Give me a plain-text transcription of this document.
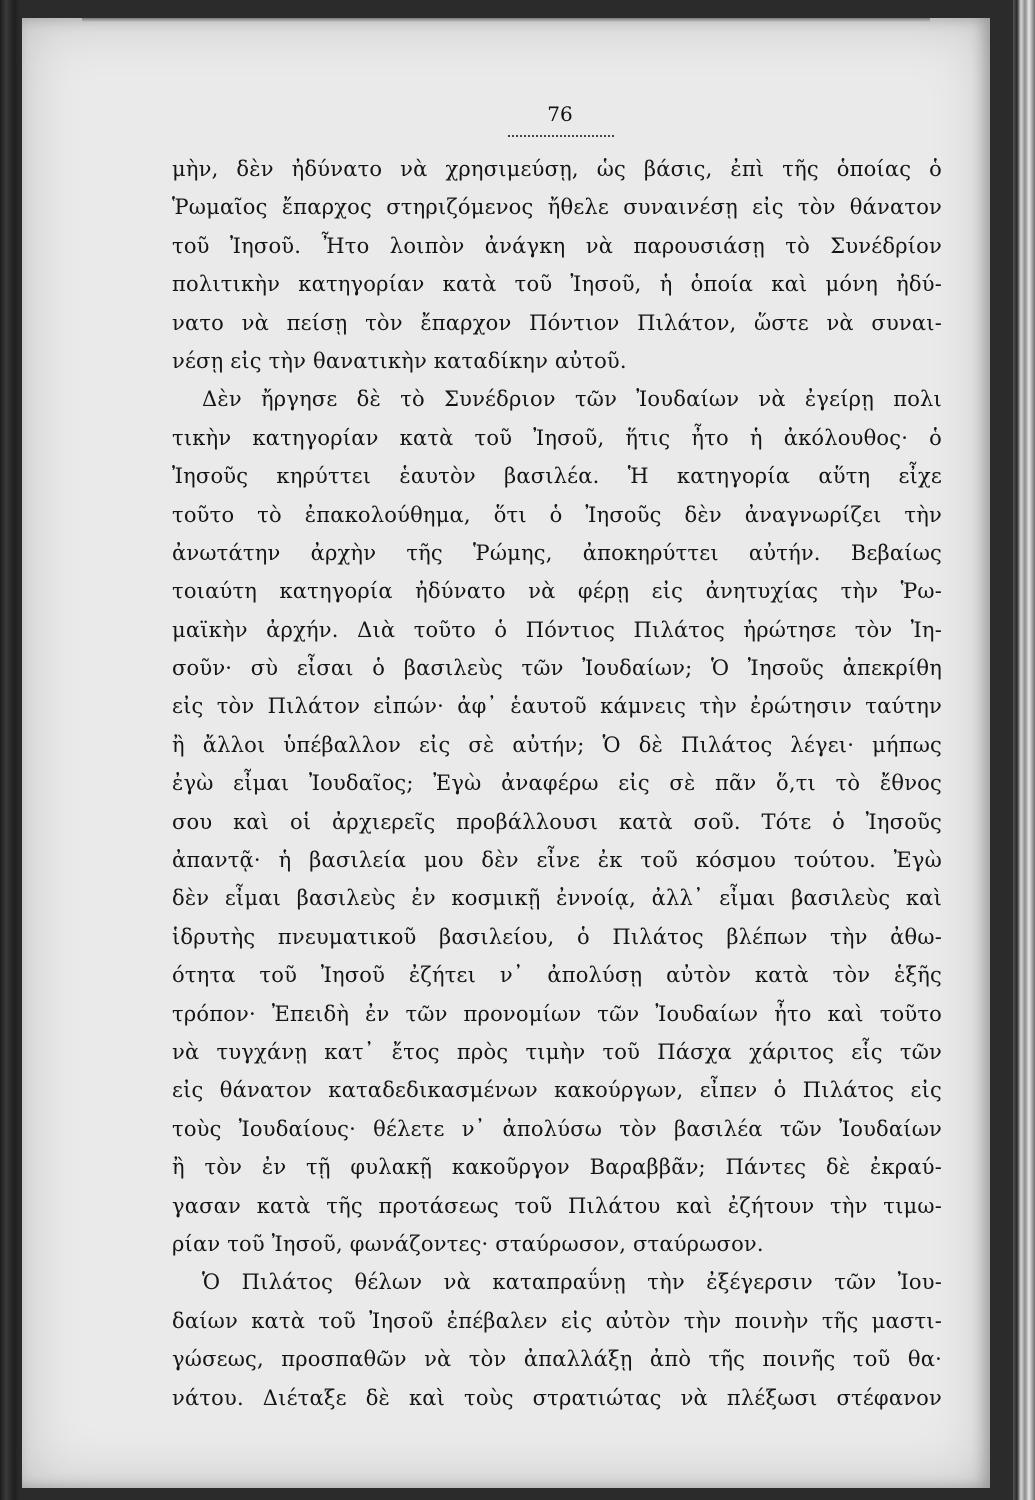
76
μὴν, δὲν ἠδύνατο νὰ χρησιμεύσῃ, ὡς βάσις, ἐπὶ τῆς ὁποίας ὁ
Ῥωμαῖος ἔπαρχος στηριζόμενος ἤθελε συναινέσῃ εἰς τὸν θάνατον
τοῦ Ἰησοῦ. Ἦτο λοιπὸν ἀνάγκη νὰ παρουσιάσῃ τὸ Συνέδρίον
πολιτικὴν κατηγορίαν κατὰ τοῦ Ἰησοῦ, ἡ ὁποία καὶ μόνη ἠδύ-
νατο νὰ πείσῃ τὸν ἔπαρχον Πόντιον Πιλάτον, ὥστε νὰ συναι-
νέσῃ εἰς τὴν θανατικὴν καταδίκην αὐτοῦ.
Δὲν ἤργησε δὲ τὸ Συνέδριον τῶν Ἰουδαίων νὰ ἐγείρῃ πολι
τικὴν κατηγορίαν κατὰ τοῦ Ἰησοῦ, ἥτις ἦτο ἡ ἀκόλουθος· ὁ
Ἰησοῦς κηρύττει ἑαυτὸν βασιλέα. Ἡ κατηγορία αὕτη εἶχε
τοῦτο τὸ ἐπακολούθημα, ὅτι ὁ Ἰησοῦς δὲν ἀναγνωρίζει τὴν
ἀνωτάτην ἀρχὴν τῆς Ῥώμης, ἀποκηρύττει αὐτήν. Βεβαίως
τοιαύτη κατηγορία ἠδύνατο νὰ φέρῃ εἰς ἀνητυχίας τὴν Ῥω-
μαϊκὴν ἀρχήν. Διὰ τοῦτο ὁ Πόντιος Πιλάτος ἠρώτησε τὸν Ἰη-
σοῦν· σὺ εἶσαι ὁ βασιλεὺς τῶν Ἰουδαίων; Ὁ Ἰησοῦς ἀπεκρίθη
εἰς τὸν Πιλάτον εἰπών· ἀφ᾽ ἑαυτοῦ κάμνεις τὴν ἐρώτησιν ταύτην
ἢ ἄλλοι ὑπέβαλλον εἰς σὲ αὐτήν; Ὁ δὲ Πιλάτος λέγει· μήπως
ἐγὼ εἶμαι Ἰουδαῖος; Ἐγὼ ἀναφέρω εἰς σὲ πᾶν ὅ,τι τὸ ἔθνος
σου καὶ οἱ ἀρχιερεῖς προβάλλουσι κατὰ σοῦ. Τότε ὁ Ἰησοῦς
ἀπαντᾷ· ἡ βασιλεία μου δὲν εἶνε ἐκ τοῦ κόσμου τούτου. Ἐγὼ
δὲν εἶμαι βασιλεὺς ἐν κοσμικῇ ἐννοίᾳ, ἀλλ᾽ εἶμαι βασιλεὺς καὶ
ἱδρυτὴς πνευματικοῦ βασιλείου, ὁ Πιλάτος βλέπων τὴν ἀθω-
ότητα τοῦ Ἰησοῦ ἐζήτει ν᾽ ἀπολύσῃ αὐτὸν κατὰ τὸν ἑξῆς
τρόπον· Ἐπειδὴ ἐν τῶν προνομίων τῶν Ἰουδαίων ἦτο καὶ τοῦτο
νὰ τυγχάνῃ κατ᾽ ἔτος πρὸς τιμὴν τοῦ Πάσχα χάριτος εἷς τῶν
εἰς θάνατον καταδεδικασμένων κακούργων, εἶπεν ὁ Πιλάτος εἰς
τοὺς Ἰουδαίους· θέλετε ν᾽ ἀπολύσω τὸν βασιλέα τῶν Ἰουδαίων
ἢ τὸν ἐν τῇ φυλακῇ κακοῦργον Βαραββᾶν; Πάντες δὲ ἐκραύ-
γασαν κατὰ τῆς προτάσεως τοῦ Πιλάτου καὶ ἐζήτουν τὴν τιμω-
ρίαν τοῦ Ἰησοῦ, φωνάζοντες· σταύρωσον, σταύρωσον.
Ὁ Πιλάτος θέλων νὰ καταπραΰνῃ τὴν ἐξέγερσιν τῶν Ἰου-
δαίων κατὰ τοῦ Ἰησοῦ ἐπέβαλεν εἰς αὐτὸν τὴν ποινὴν τῆς μαστι-
γώσεως, προσπαθῶν νὰ τὸν ἀπαλλάξῃ ἀπὸ τῆς ποινῆς τοῦ θα·
νάτου. Διέταξε δὲ καὶ τοὺς στρατιώτας νὰ πλέξωσι στέφανον
